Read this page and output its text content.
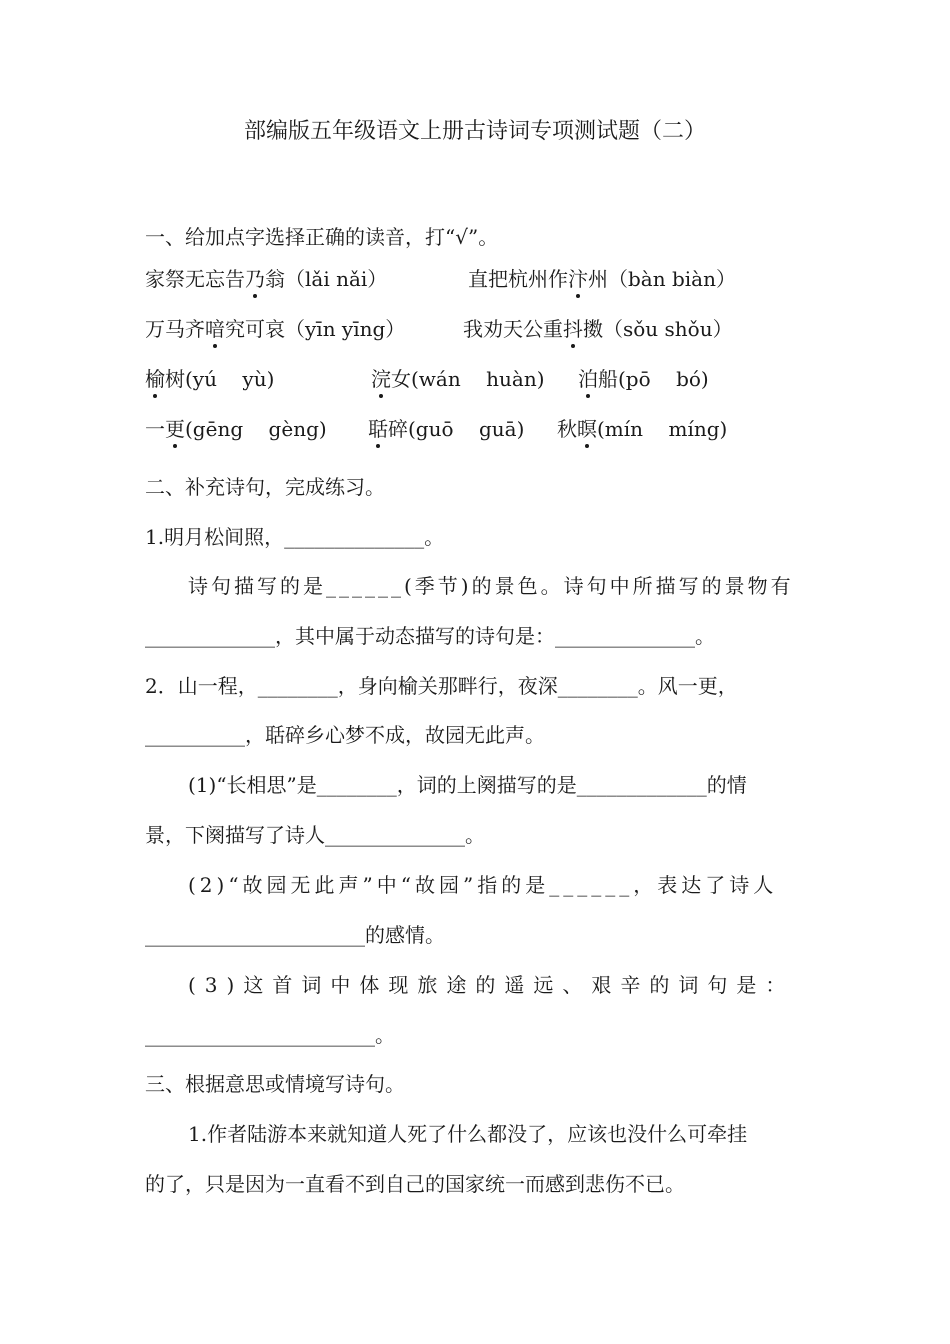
部编版五年级语文上册古诗词专项测试题（二）
一、给加点字选择正确的读音，打“√”。
家祭无忘告乃翁（lǎi nǎi）	直把杭州作汴州（bàn biàn）
万马齐喑究可哀（yīn yīng）	我劝天公重抖擞（sǒu shǒu）
榆树(yú    yù)	浣女(wán    huàn) 泊船(pō    bó)
一更(gēng    gèng) 聒碎(guō    guā) 秋暝(mín    míng)
二、补充诗句，完成练习。
1.明月松间照，______________。
诗句描写的是______(季节)的景色。诗句中所描写的景物有
_____________，其中属于动态描写的诗句是：______________。
2．山一程，________，身向榆关那畔行，夜深________。风一更，
__________，聒碎乡心梦不成，故园无此声。
(1)“长相思”是________，词的上阕描写的是_____________的情
景，下阕描写了诗人______________。
(2)“故园无此声”中“故园”指的是______，表达了诗人
______________________的感情。
(3)这首词中体现旅途的遥远、艰辛的词句是：
_______________________。
三、根据意思或情境写诗句。
1.作者陆游本来就知道人死了什么都没了，应该也没什么可牵挂
的了，只是因为一直看不到自己的国家统一而感到悲伤不已。
